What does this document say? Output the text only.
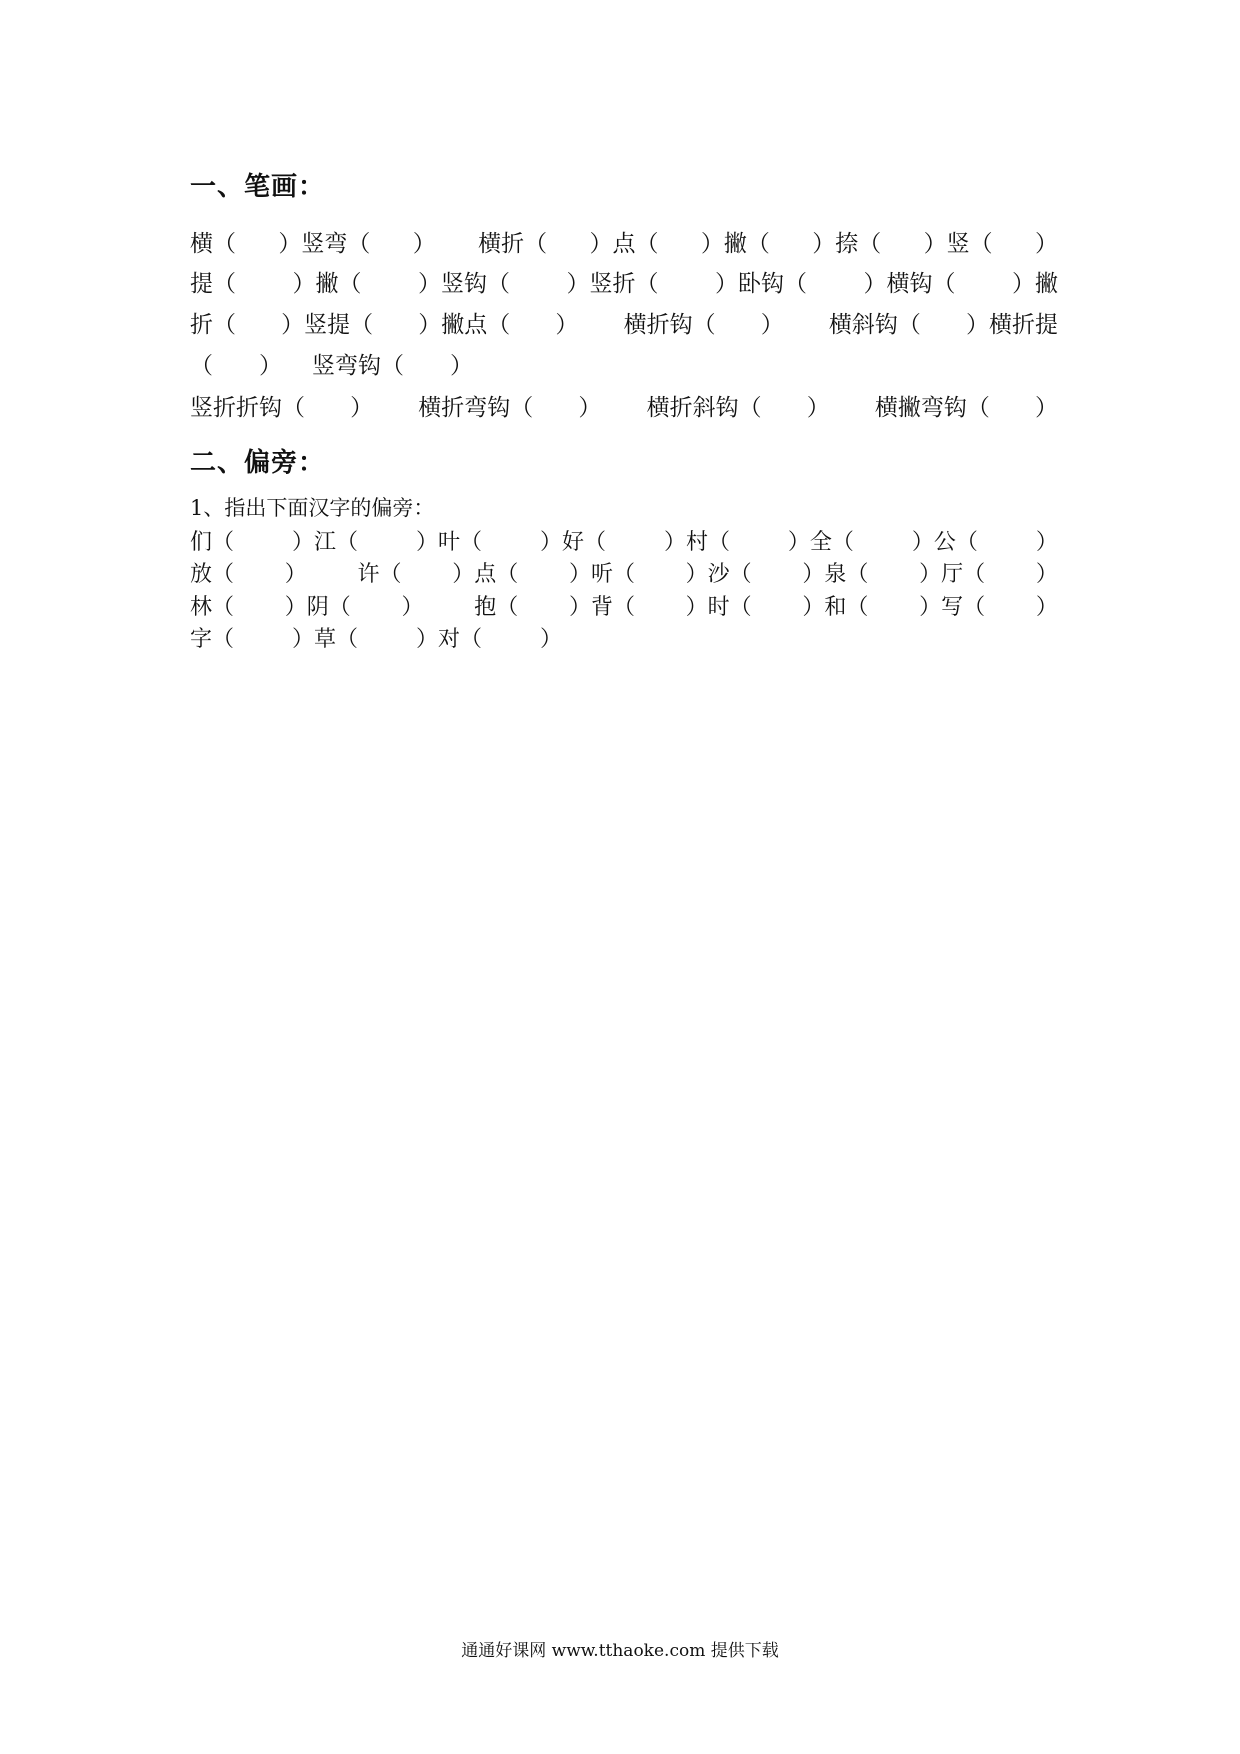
一、笔画：
横（ ）竖弯（ ） 横折（ ）点（ ）撇（ ）捺（ ）竖（ ）
提（ ）撇（ ）竖钩（ ）竖折（ ）卧钩（ ）横钩（ ）撇
折（ ）竖提（ ）撇点（ ） 横折钩（ ） 横斜钩（ ）横折提
（ ） 竖弯钩（ ）
竖折折钩（ ） 横折弯钩（ ） 横折斜钩（ ） 横撇弯钩（ ）
二、偏旁：
1、指出下面汉字的偏旁：
们（	）江（	）叶（	）好（	）村（	）全（	）公（	）
放（ ） 许（ ）点（ ）听（ ）沙（ ）泉（ ）厅（ ）
林（ ）阴（ ） 抱（ ）背（ ）时（ ）和（ ）写（ ）
字（	）草（	）对（	）
通通好课网 www.tthaoke.com 提供下载
